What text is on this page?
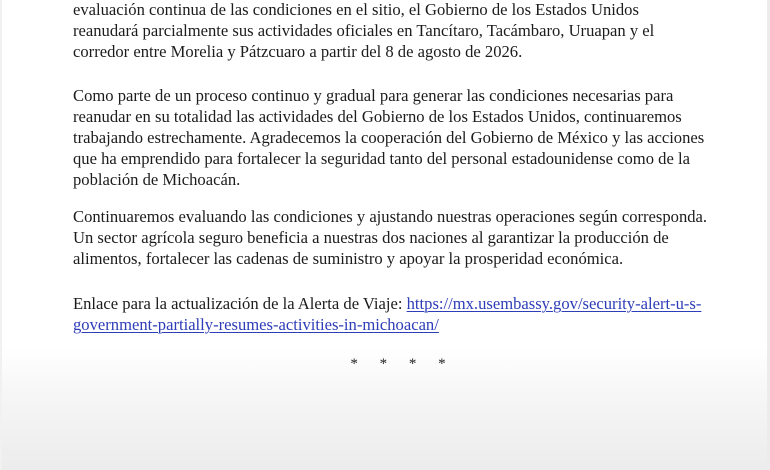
evaluación continua de las condiciones en el sitio, el Gobierno de los Estados Unidos
reanudará parcialmente sus actividades oficiales en Tancítaro, Tacámbaro, Uruapan y el
corredor entre Morelia y Pátzcuaro a partir del 8 de agosto de 2026.

Como parte de un proceso continuo y gradual para generar las condiciones necesarias para
reanudar en su totalidad las actividades del Gobierno de los Estados Unidos, continuaremos
trabajando estrechamente. Agradecemos la cooperación del Gobierno de México y las acciones
que ha emprendido para fortalecer la seguridad tanto del personal estadounidense como de la
población de Michoacán.

Continuaremos evaluando las condiciones y ajustando nuestras operaciones según corresponda.
Un sector agrícola seguro beneficia a nuestras dos naciones al garantizar la producción de
alimentos, fortalecer las cadenas de suministro y apoyar la prosperidad económica.

Enlace para la actualización de la Alerta de Viaje: https://mx.usembassy.gov/security-alert-u-s-
government-partially-resumes-activities-in-michoacan/

* * * *
